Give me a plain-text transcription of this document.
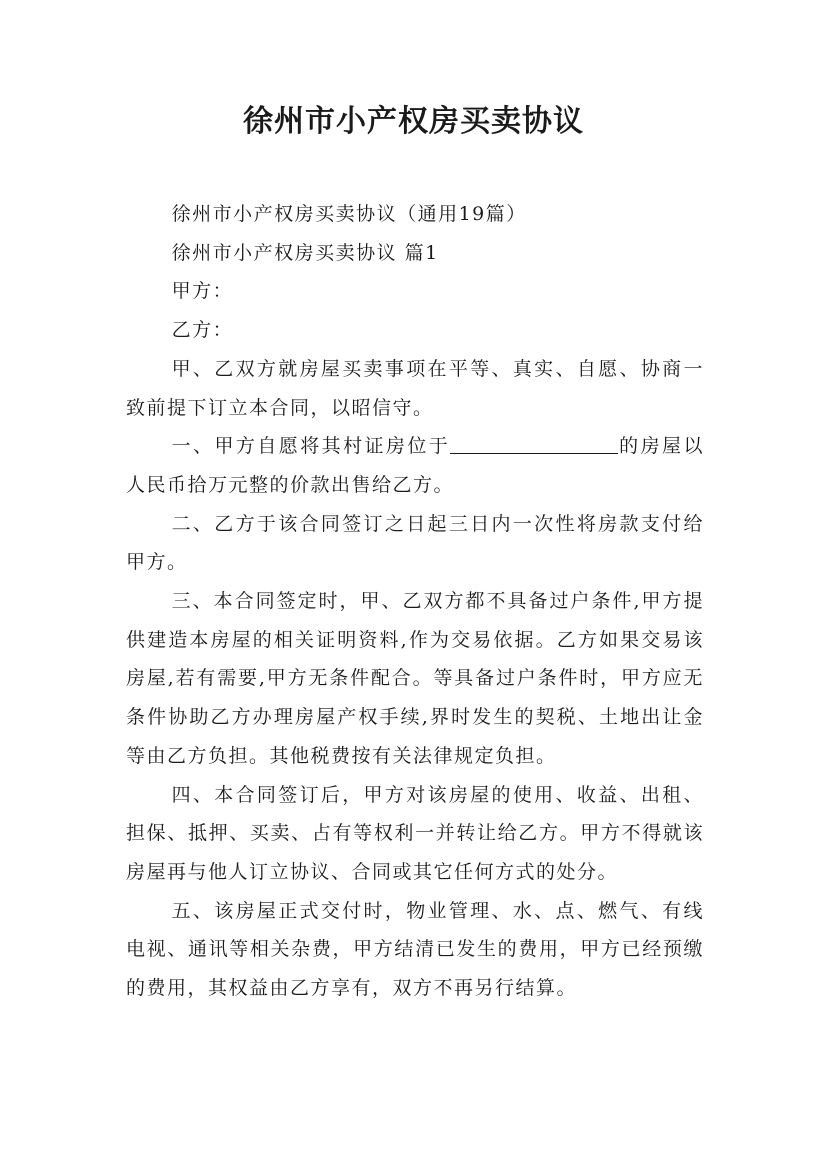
徐州市小产权房买卖协议

徐州市小产权房买卖协议（通用19篇）

徐州市小产权房买卖协议 篇1

甲方：

乙方：

甲、乙双方就房屋买卖事项在平等、真实、自愿、协商一致前提下订立本合同，以昭信守。

一、甲方自愿将其村证房位于	的房屋以人民币拾万元整的价款出售给乙方。

二、乙方于该合同签订之日起三日内一次性将房款支付给甲方。

三、本合同签定时，甲、乙双方都不具备过户条件,甲方提供建造本房屋的相关证明资料,作为交易依据。乙方如果交易该房屋,若有需要,甲方无条件配合。等具备过户条件时，甲方应无条件协助乙方办理房屋产权手续,界时发生的契税、土地出让金等由乙方负担。其他税费按有关法律规定负担。

四、本合同签订后，甲方对该房屋的使用、收益、出租、担保、抵押、买卖、占有等权利一并转让给乙方。甲方不得就该房屋再与他人订立协议、合同或其它任何方式的处分。

五、该房屋正式交付时，物业管理、水、点、燃气、有线电视、通讯等相关杂费，甲方结清已发生的费用，甲方已经预缴的费用，其权益由乙方享有，双方不再另行结算。
